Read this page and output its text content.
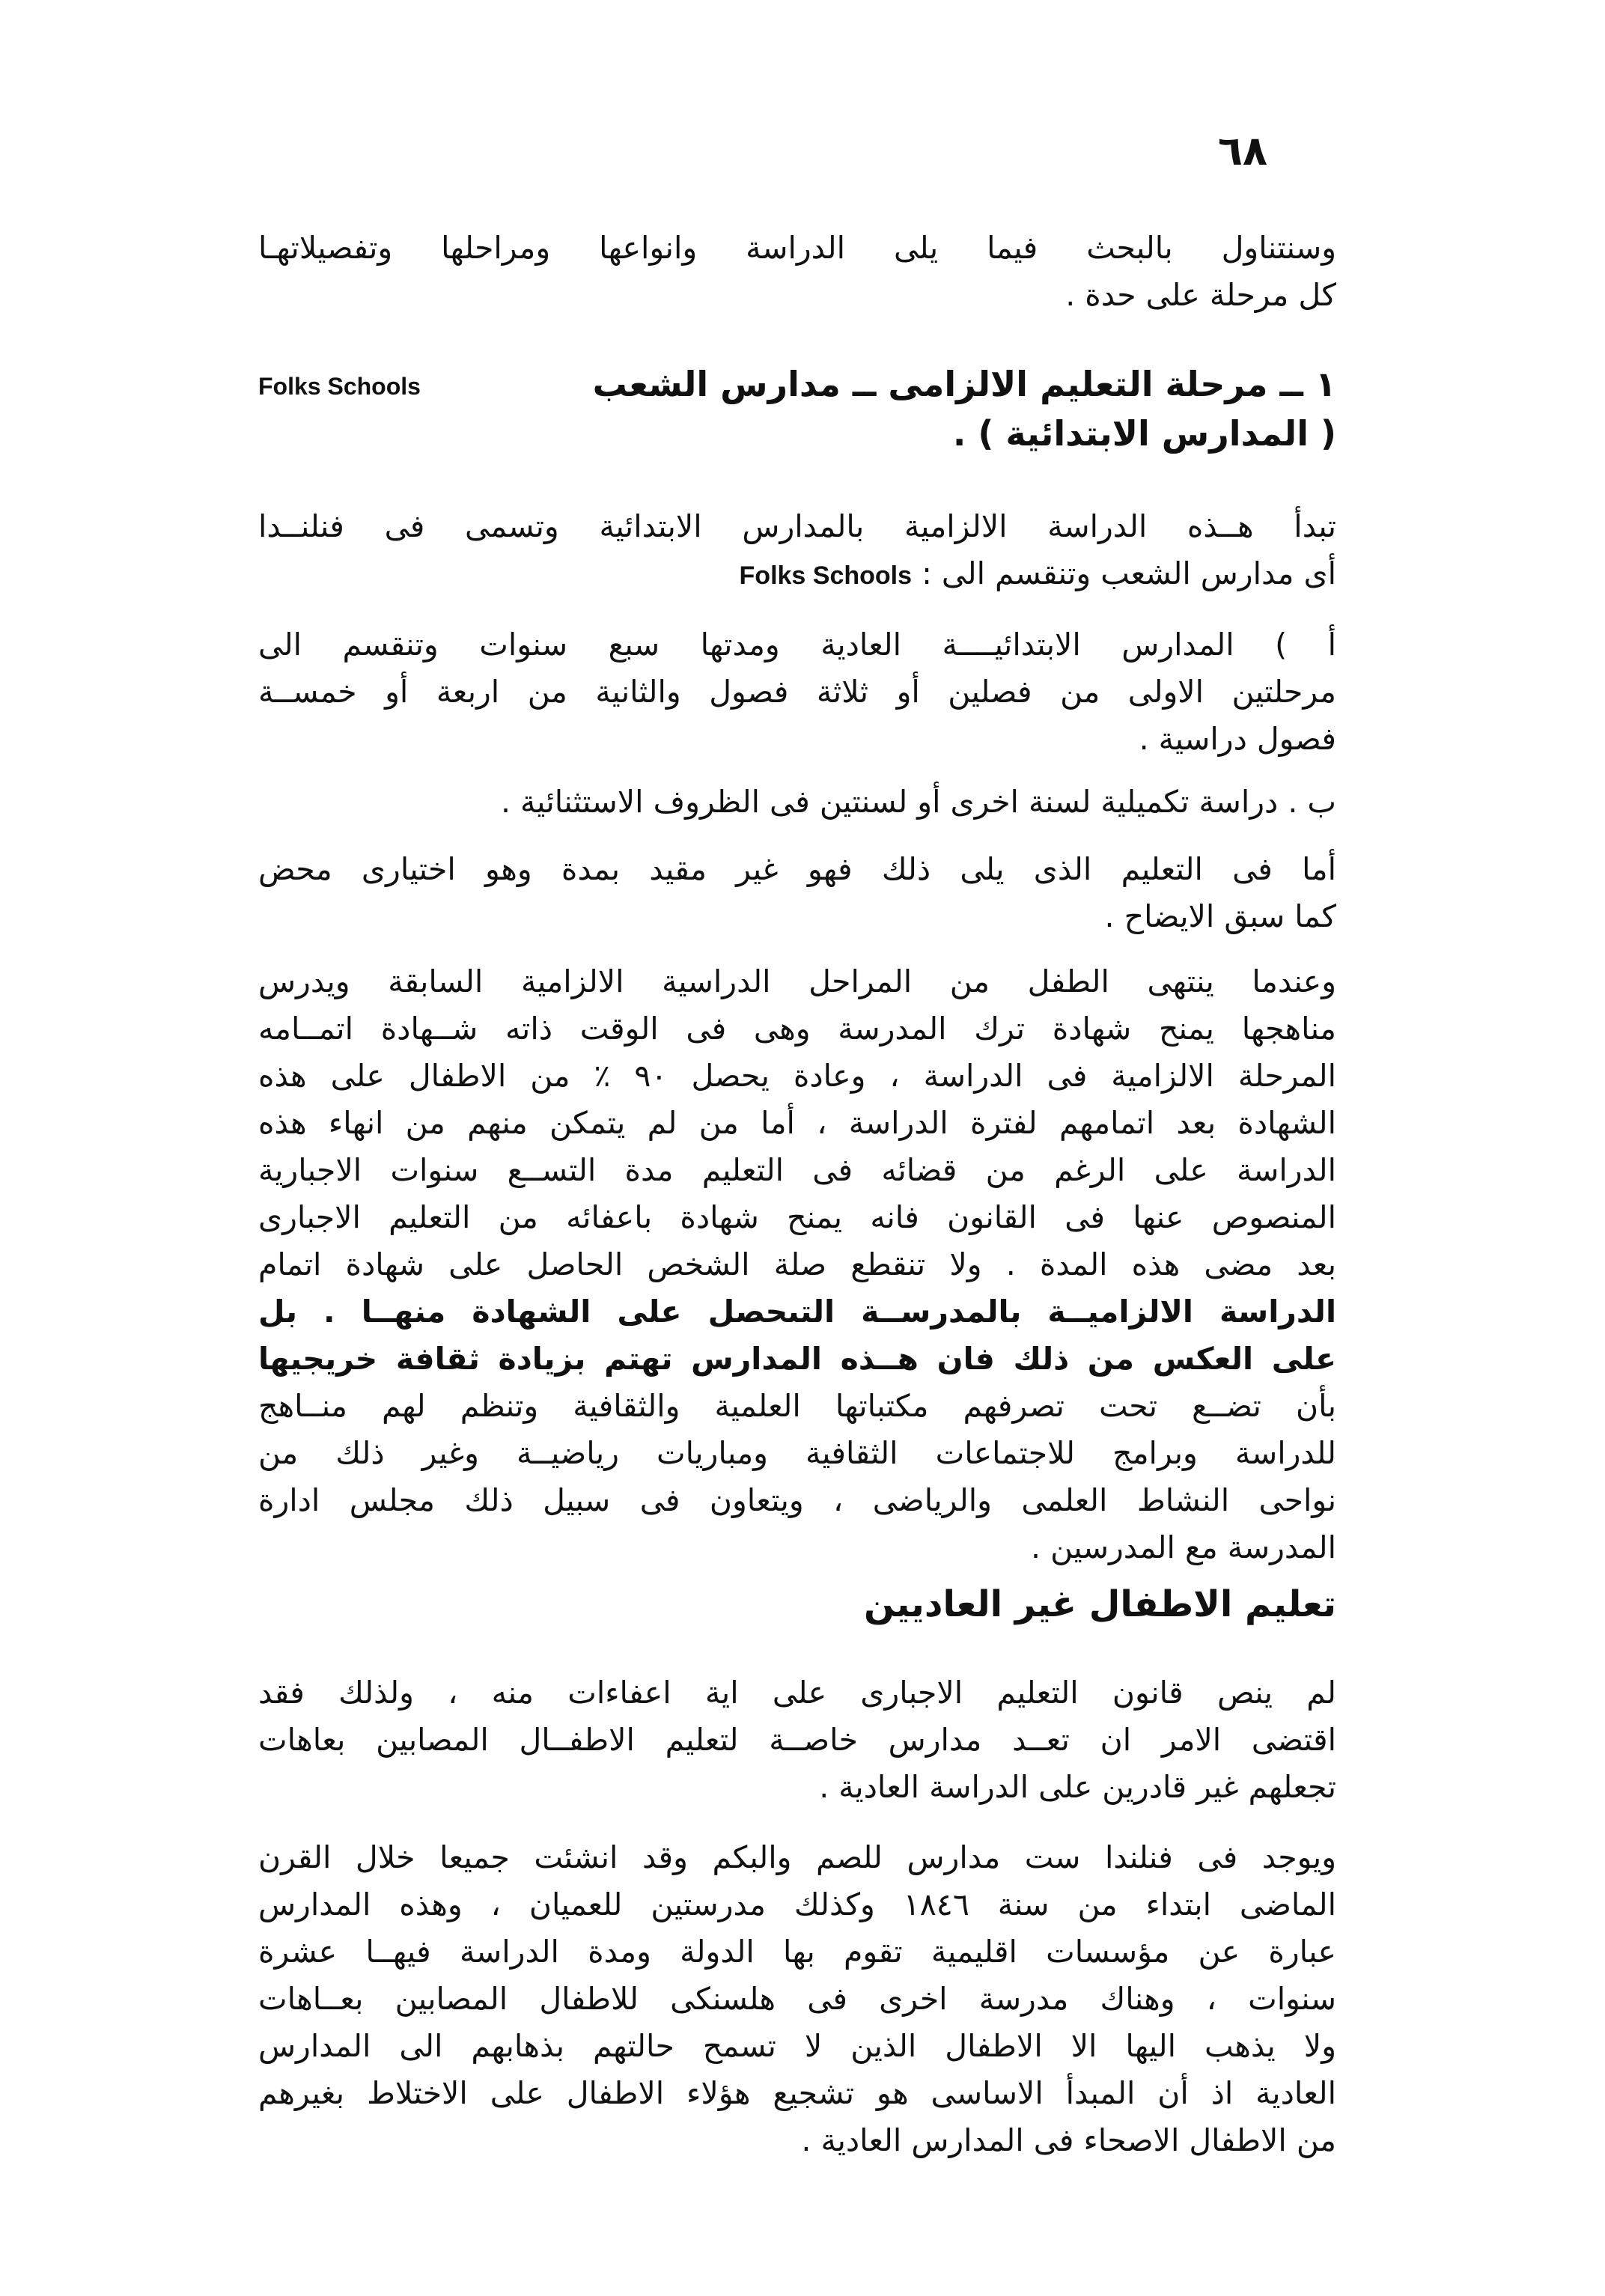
٦٨
وسنتناول بالبحث فيما يلى الدراسة وانواعها ومراحلها وتفصيلاتهـا
كل مرحلة على حدة .
١ ــ مرحلة التعليم الالزامى ــ مدارس الشعب
( المدارس الابتدائية ) .
Folks Schools
تبدأ هــذه الدراسة الالزامية بالمدارس الابتدائية وتسمى فى فنلنــدا
أى مدارس الشعب وتنقسم الى : Folks Schools
أ ) المدارس الابتدائيــــة العادية ومدتها سبع سنوات وتنقسم الى
مرحلتين الاولى من فصلين أو ثلاثة فصول والثانية من اربعة أو خمســة
فصول دراسية .
ب . دراسة تكميلية لسنة اخرى أو لسنتين فى الظروف الاستثنائية .
أما فى التعليم الذى يلى ذلك فهو غير مقيد بمدة وهو اختيارى محض
كما سبق الايضاح .
وعندما ينتهى الطفل من المراحل الدراسية الالزامية السابقة ويدرس
مناهجها يمنح شهادة ترك المدرسة وهى فى الوقت ذاته شــهادة اتمــامه
المرحلة الالزامية فى الدراسة ، وعادة يحصل ٩٠ ٪ من الاطفال على هذه
الشهادة بعد اتمامهم لفترة الدراسة ، أما من لم يتمكن منهم من انهاء هذه
الدراسة على الرغم من قضائه فى التعليم مدة التســع سنوات الاجبارية
المنصوص عنها فى القانون فانه يمنح شهادة باعفائه من التعليم الاجبارى
بعد مضى هذه المدة . ولا تنقطع صلة الشخص الحاصل على شهادة اتمام
الدراسة الالزاميــة بالمدرســة التىحصل على الشهادة منهــا . بل
على العكس من ذلك فان هــذه المدارس تهتم بزيادة ثقافة خريجيها
بأن تضــع تحت تصرفهم مكتباتها العلمية والثقافية وتنظم لهم منــاهج
للدراسة وبرامج للاجتماعات الثقافية ومباريات رياضيــة وغير ذلك من
نواحى النشاط العلمى والرياضى ، ويتعاون فى سبيل ذلك مجلس ادارة
المدرسة مع المدرسين .
تعليم الاطفال غير العاديين
لم ينص قانون التعليم الاجبارى على اية اعفاءات منه ، ولذلك فقد
اقتضى الامر ان تعــد مدارس خاصــة لتعليم الاطفــال المصابين بعاهات
تجعلهم غير قادرين على الدراسة العادية .
ويوجد فى فنلندا ست مدارس للصم والبكم وقد انشئت جميعا خلال القرن
الماضى ابتداء من سنة ١٨٤٦ وكذلك مدرستين للعميان ، وهذه المدارس
عبارة عن مؤسسات اقليمية تقوم بها الدولة ومدة الدراسة فيهــا عشرة
سنوات ، وهناك مدرسة اخرى فى هلسنكى للاطفال المصابين بعــاهات
ولا يذهب اليها الا الاطفال الذين لا تسمح حالتهم بذهابهم الى المدارس
العادية اذ أن المبدأ الاساسى هو تشجيع هؤلاء الاطفال على الاختلاط بغيرهم
من الاطفال الاصحاء فى المدارس العادية .
